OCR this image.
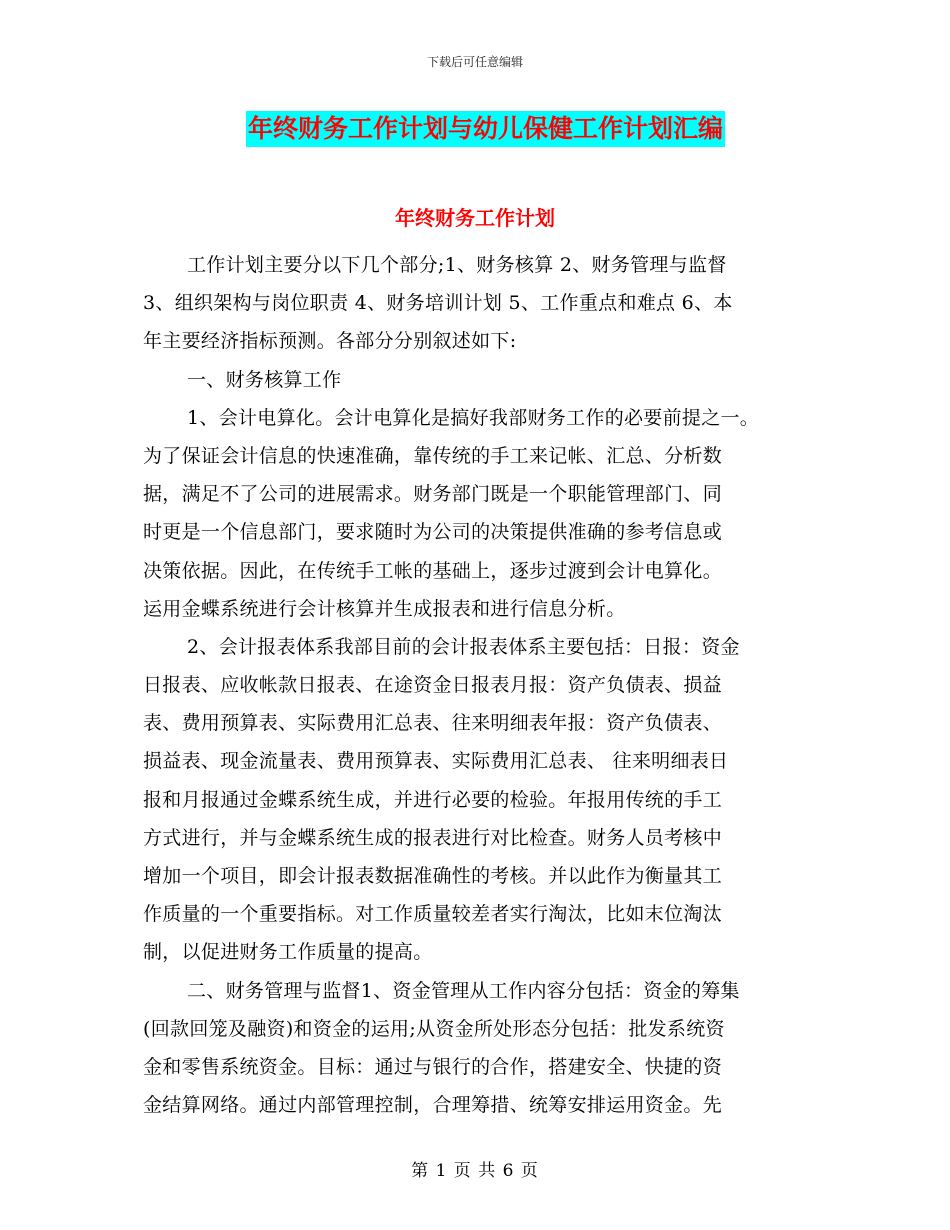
下载后可任意编辑
年终财务工作计划与幼儿保健工作计划汇编
年终财务工作计划
工作计划主要分以下几个部分;1、财务核算 2、财务管理与监督
3、组织架构与岗位职责 4、财务培训计划 5、工作重点和难点 6、本
年主要经济指标预测。各部分分别叙述如下:
一、财务核算工作
1、会计电算化。会计电算化是搞好我部财务工作的必要前提之一。
为了保证会计信息的快速准确，靠传统的手工来记帐、汇总、分析数
据，满足不了公司的进展需求。财务部门既是一个职能管理部门、同
时更是一个信息部门，要求随时为公司的决策提供准确的参考信息或
决策依据。因此，在传统手工帐的基础上，逐步过渡到会计电算化。
运用金蝶系统进行会计核算并生成报表和进行信息分析。
2、会计报表体系我部目前的会计报表体系主要包括：日报：资金
日报表、应收帐款日报表、在途资金日报表月报：资产负债表、损益
表、费用预算表、实际费用汇总表、往来明细表年报：资产负债表、
损益表、现金流量表、费用预算表、实际费用汇总表、 往来明细表日
报和月报通过金蝶系统生成，并进行必要的检验。年报用传统的手工
方式进行，并与金蝶系统生成的报表进行对比检查。财务人员考核中
增加一个项目，即会计报表数据准确性的考核。并以此作为衡量其工
作质量的一个重要指标。对工作质量较差者实行淘汰，比如末位淘汰
制，以促进财务工作质量的提高。
二、财务管理与监督1、资金管理从工作内容分包括：资金的筹集
(回款回笼及融资)和资金的运用;从资金所处形态分包括：批发系统资
金和零售系统资金。目标：通过与银行的合作，搭建安全、快捷的资
金结算网络。通过内部管理控制，合理筹措、统筹安排运用资金。先
第 1 页 共 6 页
